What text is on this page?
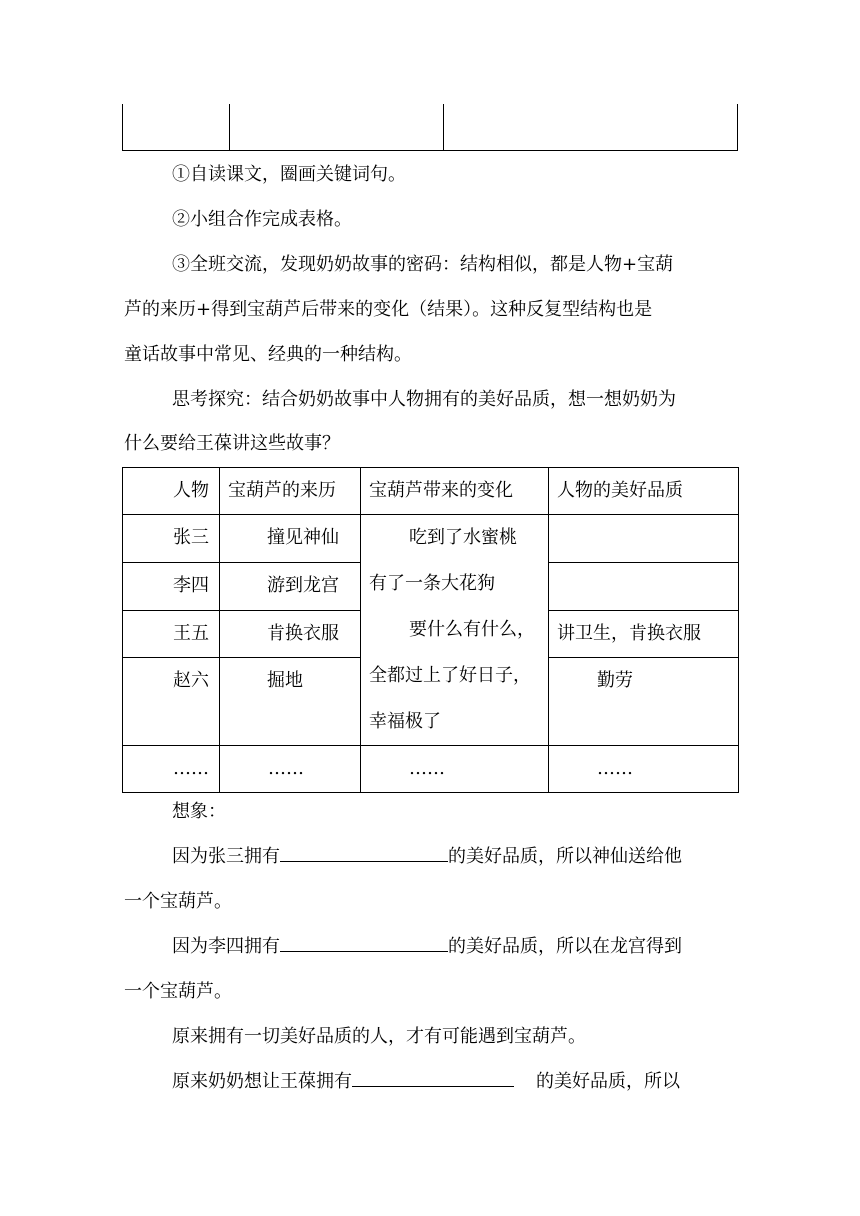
①自读课文，圈画关键词句。
②小组合作完成表格。
③全班交流，发现奶奶故事的密码：结构相似，都是人物+宝葫
芦的来历+得到宝葫芦后带来的变化（结果）。这种反复型结构也是
童话故事中常见、经典的一种结构。
思考探究：结合奶奶故事中人物拥有的美好品质，想一想奶奶为
什么要给王葆讲这些故事？
人物	宝葫芦的来历	宝葫芦带来的变化	人物的美好品质
张三	撞见神仙	吃到了水蜜桃
有了一条大花狗
要什么有什么，
全都过上了好日子，
幸福极了	

李四	游到龙宫		
王五	肯换衣服		讲卫生，肯换衣服
赵六	掘地		勤劳
……	……	……	……
想象：
因为张三拥有	的美好品质，所以神仙送给他
一个宝葫芦。
因为李四拥有	的美好品质，所以在龙宫得到
一个宝葫芦。
原来拥有一切美好品质的人，才有可能遇到宝葫芦。
原来奶奶想让王葆拥有	的美好品质，所以
